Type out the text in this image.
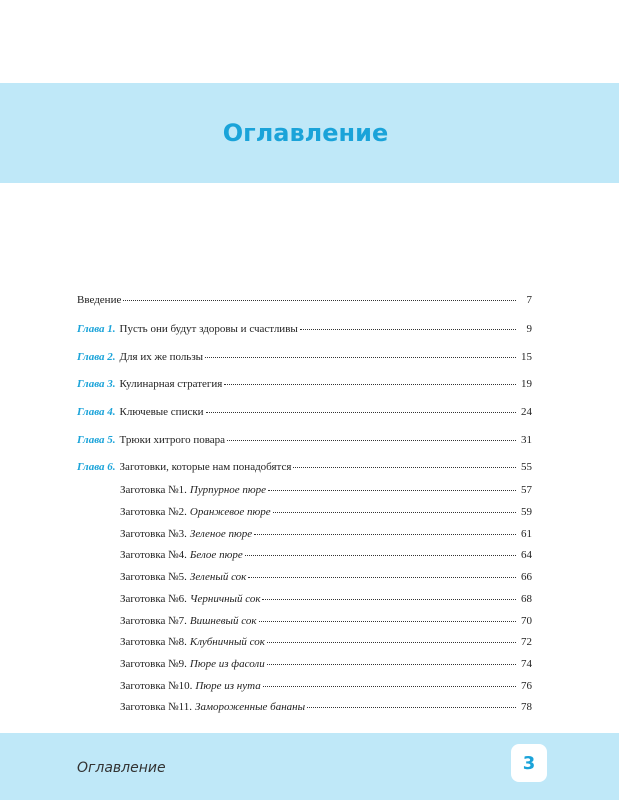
Оглавление
Введение	7
Глава 1. Пусть они будут здоровы и счастливы	9
Глава 2. Для их же пользы	15
Глава 3. Кулинарная стратегия	19
Глава 4. Ключевые списки	24
Глава 5. Трюки хитрого повара	31
Глава 6. Заготовки, которые нам понадобятся	55
Заготовка №1. Пурпурное пюре	57
Заготовка №2. Оранжевое пюре	59
Заготовка №3. Зеленое пюре	61
Заготовка №4. Белое пюре	64
Заготовка №5. Зеленый сок	66
Заготовка №6. Черничный сок	68
Заготовка №7. Вишневый сок	70
Заготовка №8. Клубничный сок	72
Заготовка №9. Пюре из фасоли	74
Заготовка №10. Пюре из нута	76
Заготовка №11. Замороженные бананы	78
Оглавление	3
